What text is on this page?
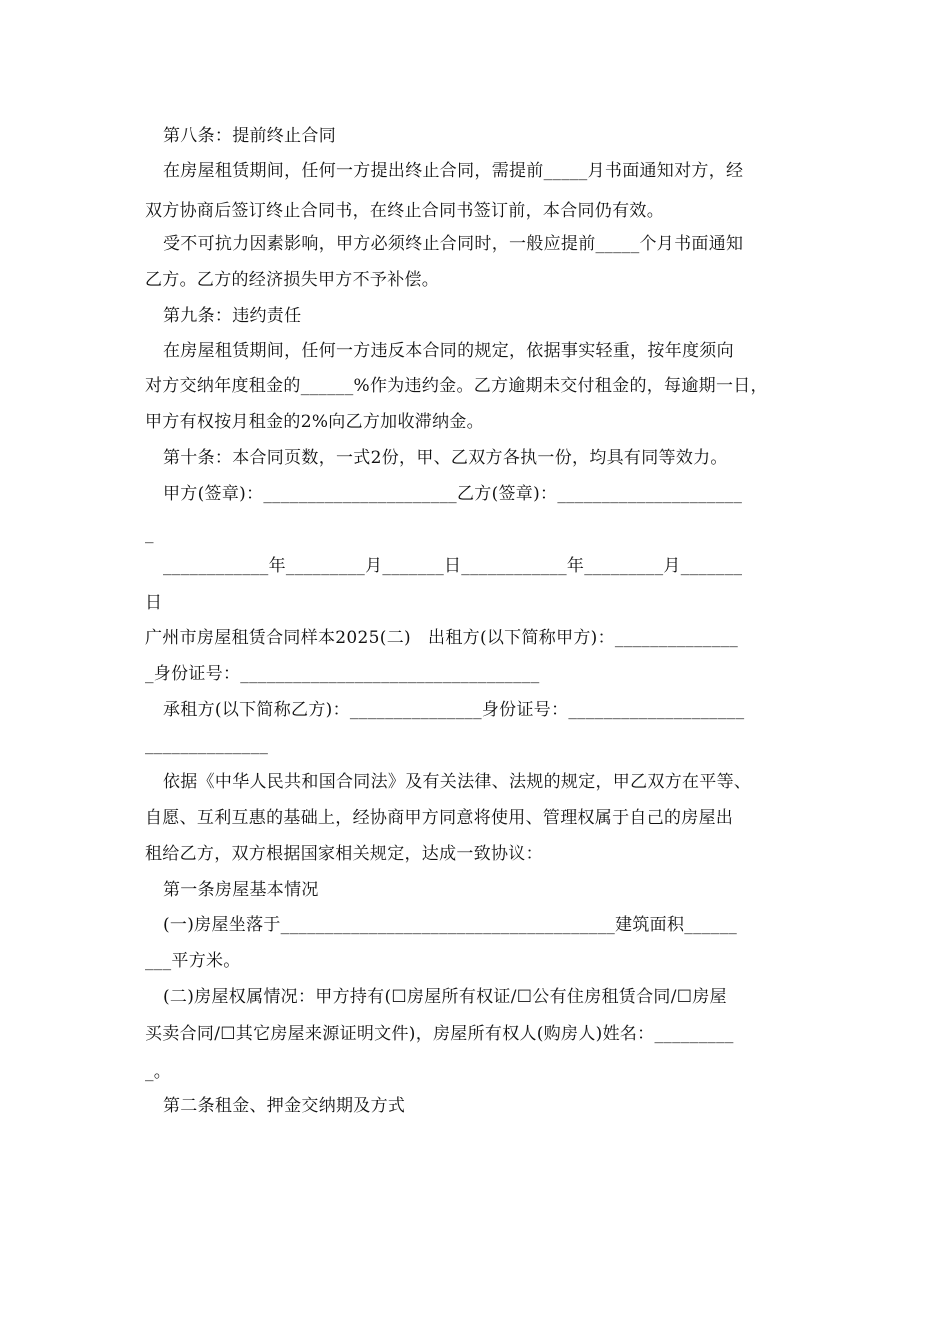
第八条：提前终止合同
在房屋租赁期间，任何一方提出终止合同，需提前_____月书面通知对方，经
双方协商后签订终止合同书，在终止合同书签订前，本合同仍有效。
受不可抗力因素影响，甲方必须终止合同时，一般应提前_____个月书面通知
乙方。乙方的经济损失甲方不予补偿。
第九条：违约责任
在房屋租赁期间，任何一方违反本合同的规定，依据事实轻重，按年度须向
对方交纳年度租金的______%作为违约金。乙方逾期未交付租金的，每逾期一日，
甲方有权按月租金的2%向乙方加收滞纳金。
第十条：本合同页数，一式2份，甲、乙双方各执一份，均具有同等效力。
甲方(签章)：______________________乙方(签章)：_____________________
_
____________年_________月_______日____________年_________月_______
日
广州市房屋租赁合同样本2025(二)   出租方(以下简称甲方)：______________
_身份证号：__________________________________
承租方(以下简称乙方)：_______________身份证号：____________________
______________
依据《中华人民共和国合同法》及有关法律、法规的规定，甲乙双方在平等、
自愿、互利互惠的基础上，经协商甲方同意将使用、管理权属于自己的房屋出
租给乙方，双方根据国家相关规定，达成一致协议：
第一条房屋基本情况
(一)房屋坐落于______________________________________建筑面积______
___平方米。
(二)房屋权属情况：甲方持有(☐房屋所有权证/☐公有住房租赁合同/☐房屋
买卖合同/☐其它房屋来源证明文件)，房屋所有权人(购房人)姓名：_________
_。
第二条租金、押金交纳期及方式
